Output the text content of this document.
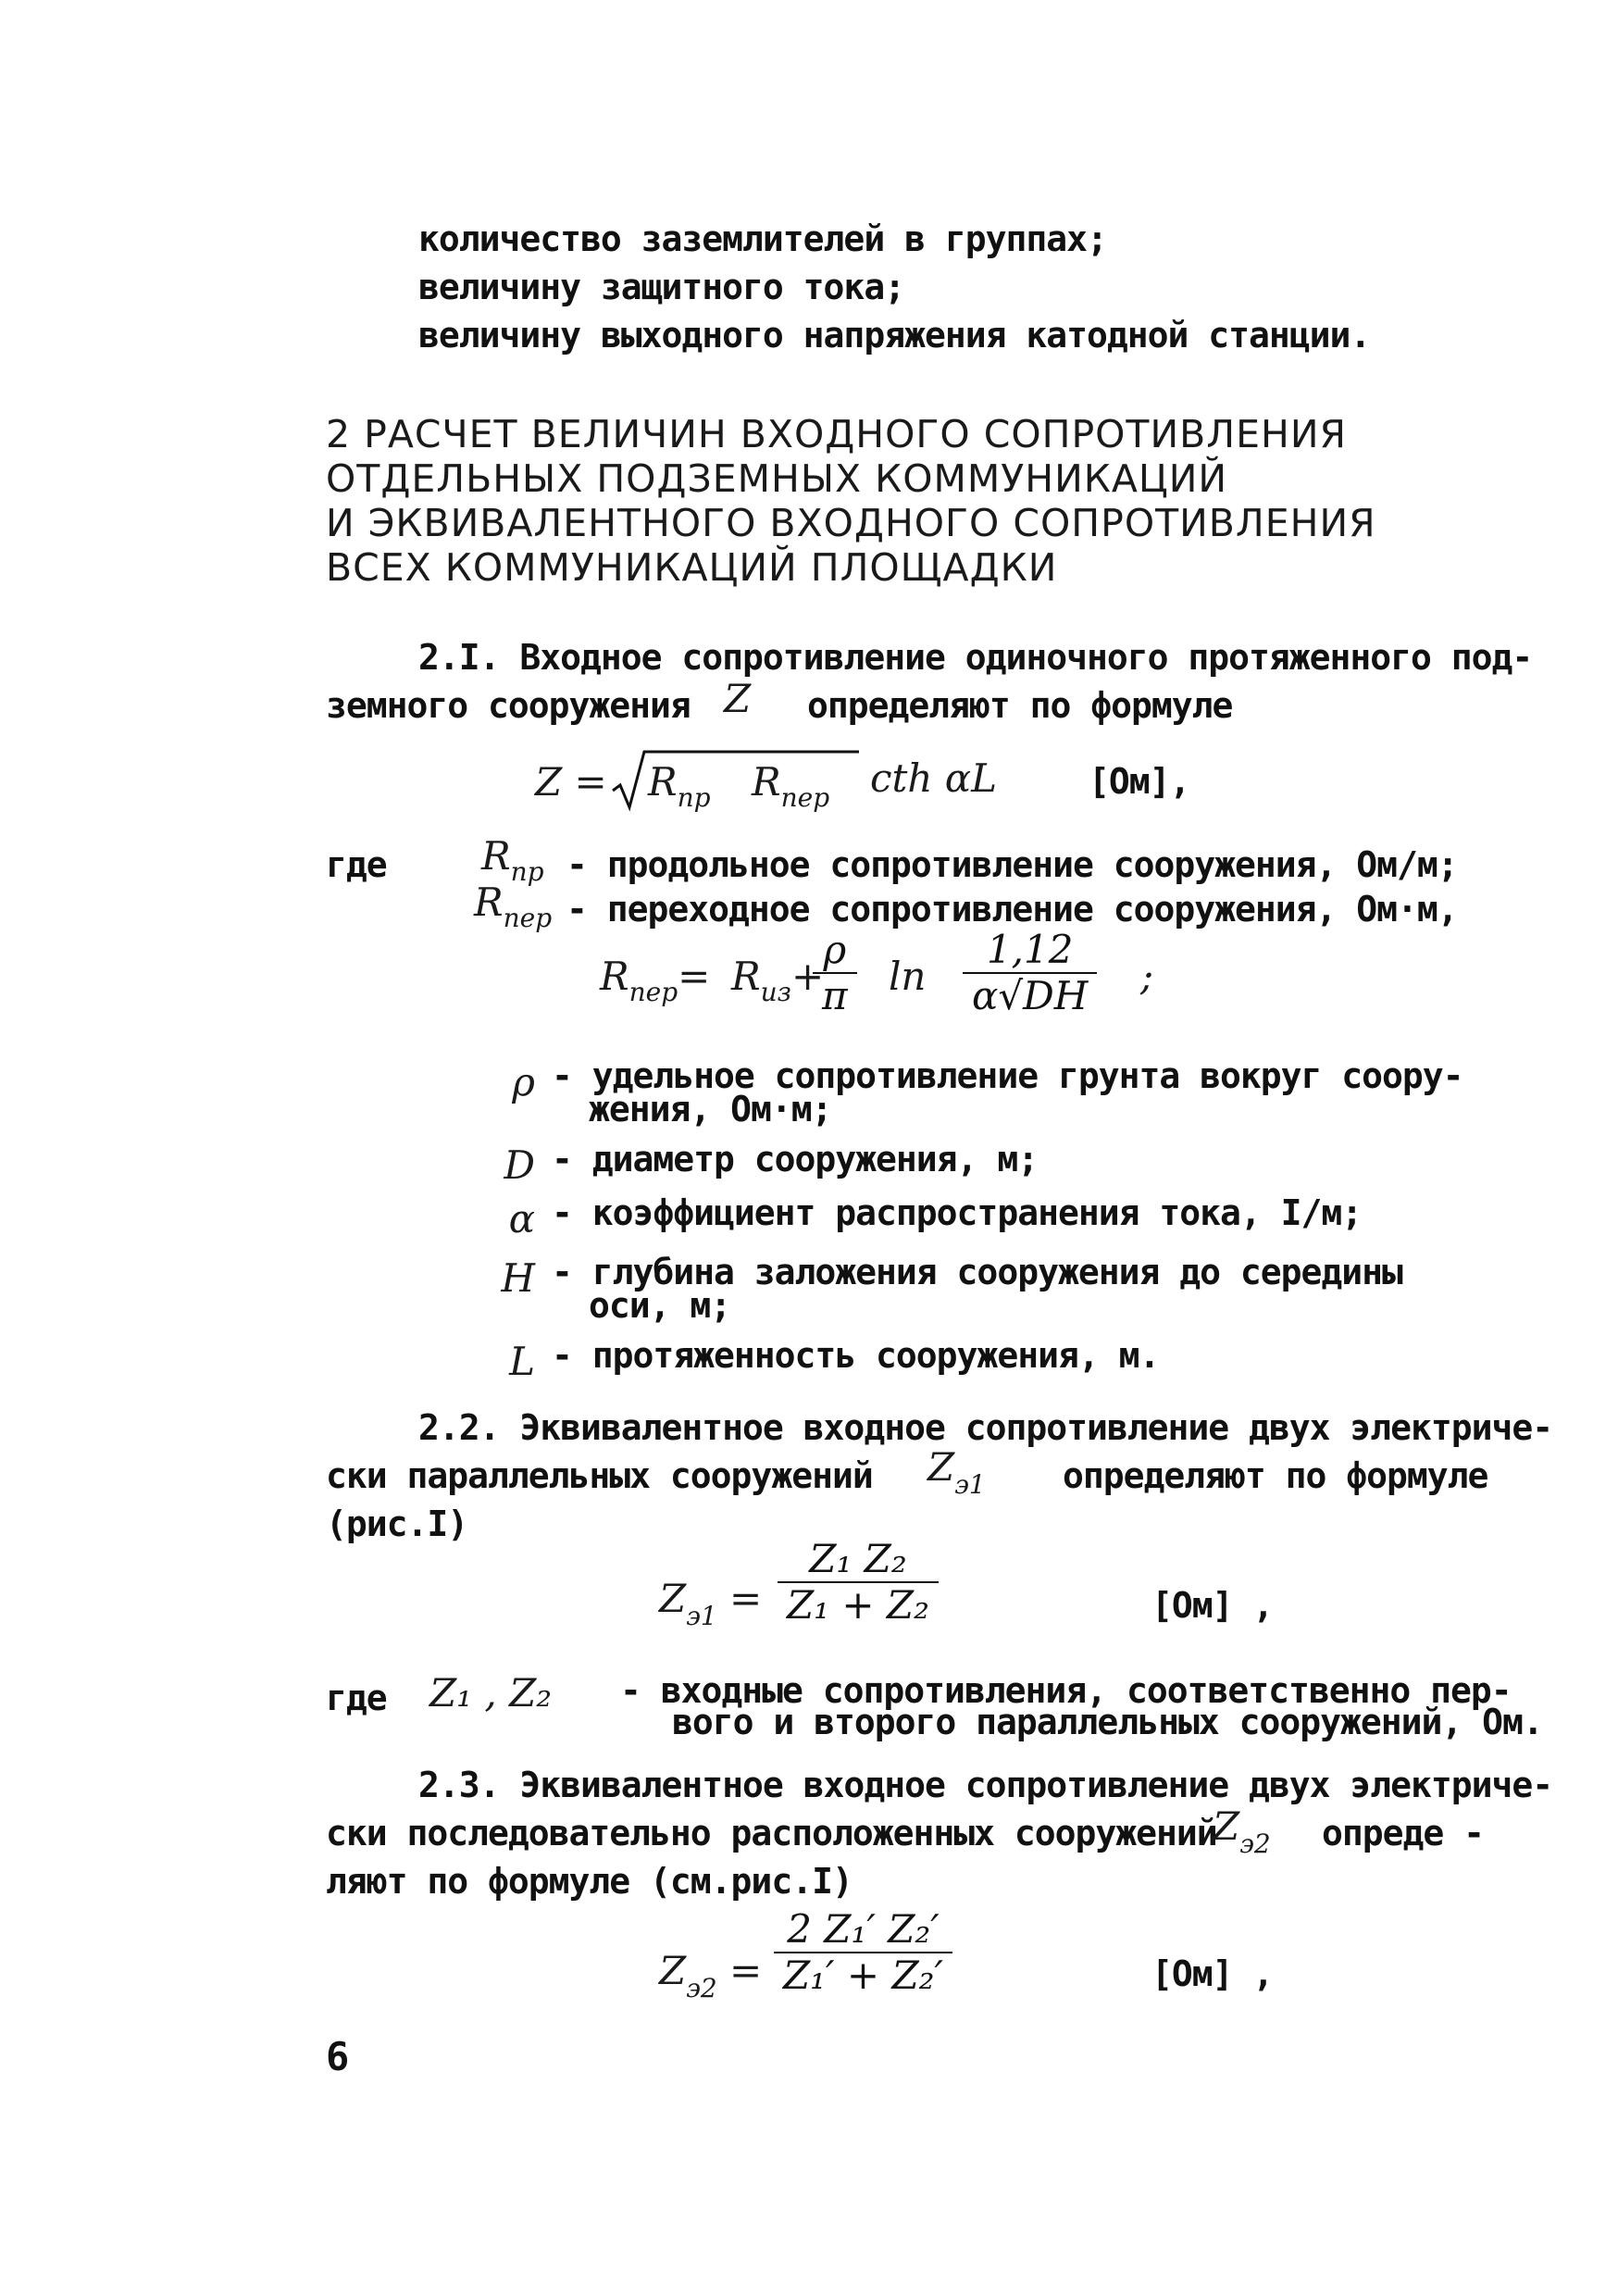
количество заземлителей в группах;
величину защитного тока;
величину выходного напряжения катодной станции.
2 РАСЧЕТ ВЕЛИЧИН ВХОДНОГО СОПРОТИВЛЕНИЯ
ОТДЕЛЬНЫХ ПОДЗЕМНЫХ КОММУНИКАЦИЙ
И ЭКВИВАЛЕНТНОГО ВХОДНОГО СОПРОТИВЛЕНИЯ
ВСЕХ КОММУНИКАЦИЙ ПЛОЩАДКИ
2.I. Входное сопротивление одиночного протяженного под-
земного сооружения Z определяют по формуле
$Z = R_{пр}$ $R_{пер}$ cth αL	[Ом],
где $R_{пр}$ - продольное сопротивление сооружения, Ом/м;
$R_{пер}$ - переходное сопротивление сооружения, Ом·м,
$R_{пер}= R_{из}+$
ρ
π ln
1,12
α√DH ;
ρ - удельное сопротивление грунта вокруг соору-
жения, Ом·м;
D - диаметр сооружения, м;
α - коэффициент распространения тока, I/м;
H - глубина заложения сооружения до середины
оси, м;
L - протяженность сооружения, м.
2.2. Эквивалентное входное сопротивление двух электриче-
ски параллельных сооружений $Z_{э1}$ определяют по формуле
(рис.I)
$Z_{э1}$ =
Z₁ Z₂
Z₁ + Z₂	[Ом] ,
где Z₁ , Z₂ - входные сопротивления, соответственно пер-
вого и второго параллельных сооружений, Ом.
2.3. Эквивалентное входное сопротивление двух электриче-
ски последовательно расположенных сооружений
$Z_{э2}$ опреде -
ляют по формуле (см.рис.I)
$Z_{э2}$ =
2 Z₁′ Z₂′
Z₁′ + Z₂′	[Ом] ,
6
